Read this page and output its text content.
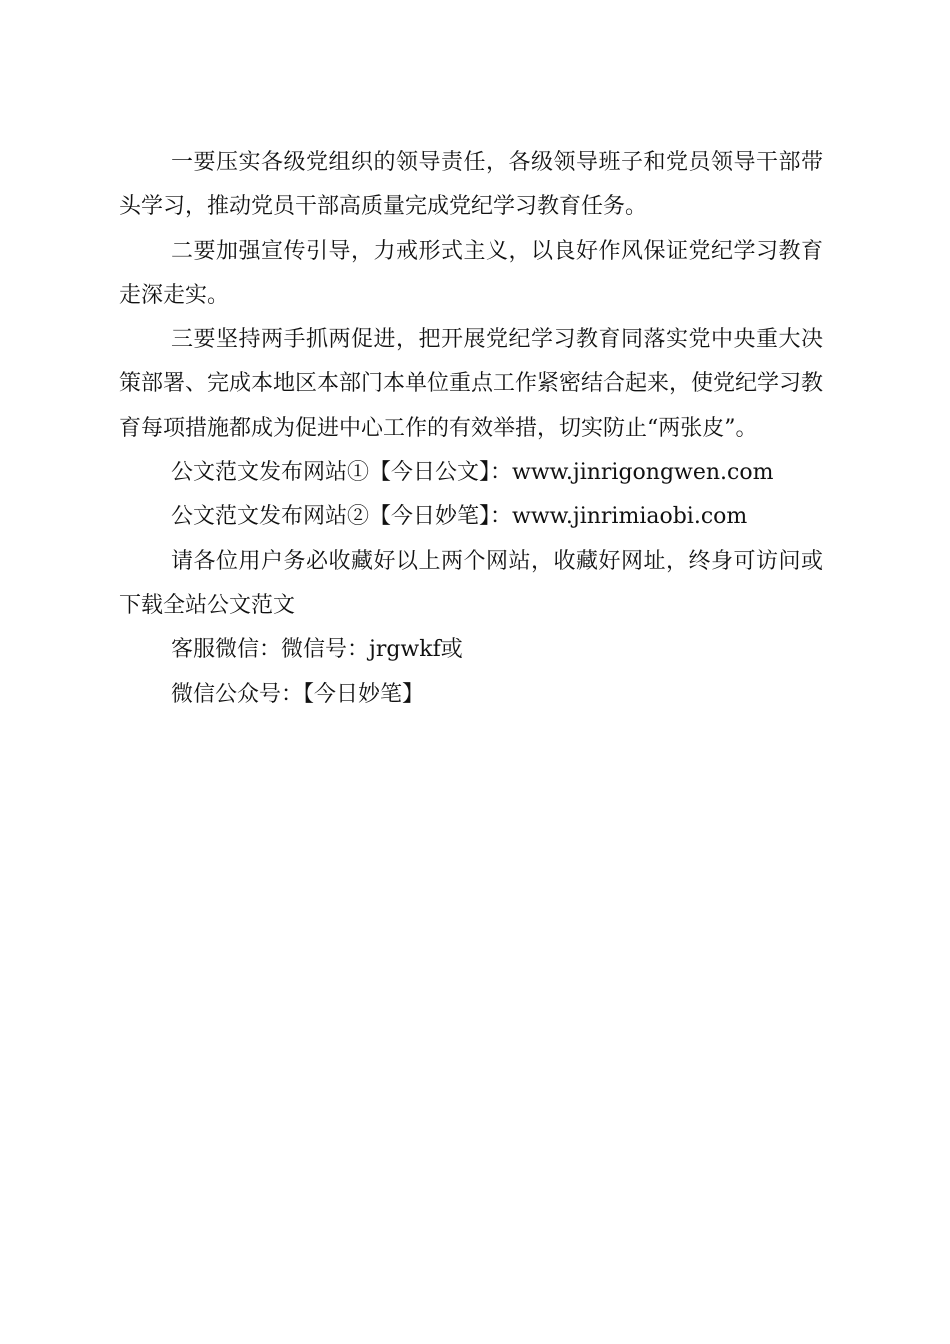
一要压实各级党组织的领导责任，各级领导班子和党员领导干部带头学习，推动党员干部高质量完成党纪学习教育任务。

二要加强宣传引导，力戒形式主义，以良好作风保证党纪学习教育走深走实。

三要坚持两手抓两促进，把开展党纪学习教育同落实党中央重大决策部署、完成本地区本部门本单位重点工作紧密结合起来，使党纪学习教育每项措施都成为促进中心工作的有效举措，切实防止“两张皮”。

公文范文发布网站①【今日公文】：www.jinrigongwen.com

公文范文发布网站②【今日妙笔】：www.jinrimiaobi.com

请各位用户务必收藏好以上两个网站，收藏好网址，终身可访问或下载全站公文范文

客服微信：微信号：jrgwkf或

微信公众号：【今日妙笔】
